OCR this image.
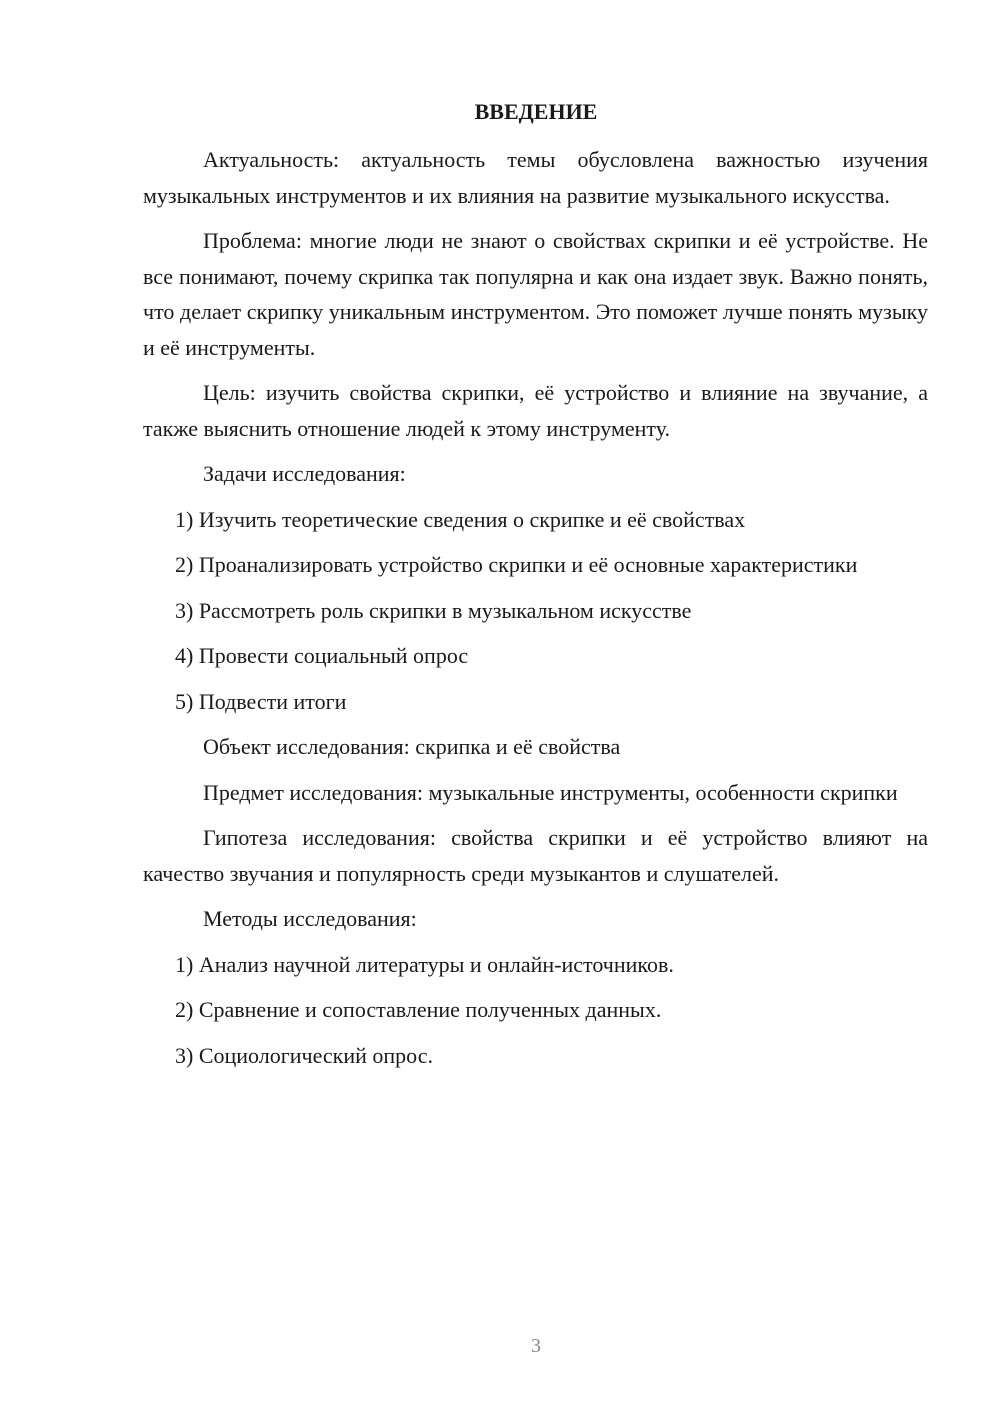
ВВЕДЕНИЕ

Актуальность: актуальность темы обусловлена важностью изучения музыкальных инструментов и их влияния на развитие музыкального искусства.

Проблема: многие люди не знают о свойствах скрипки и её устройстве. Не все понимают, почему скрипка так популярна и как она издает звук. Важно понять, что делает скрипку уникальным инструментом. Это поможет лучше понять музыку и её инструменты.

Цель: изучить свойства скрипки, её устройство и влияние на звучание, а также выяснить отношение людей к этому инструменту.

Задачи исследования:

1) Изучить теоретические сведения о скрипке и её свойствах

2) Проанализировать устройство скрипки и её основные характеристики

3) Рассмотреть роль скрипки в музыкальном искусстве

4) Провести социальный опрос

5) Подвести итоги

Объект исследования: скрипка и её свойства

Предмет исследования: музыкальные инструменты, особенности скрипки

Гипотеза исследования: свойства скрипки и её устройство влияют на качество звучания и популярность среди музыкантов и слушателей.

Методы исследования:

1) Анализ научной литературы и онлайн-источников.

2) Сравнение и сопоставление полученных данных.

3) Социологический опрос.

3
